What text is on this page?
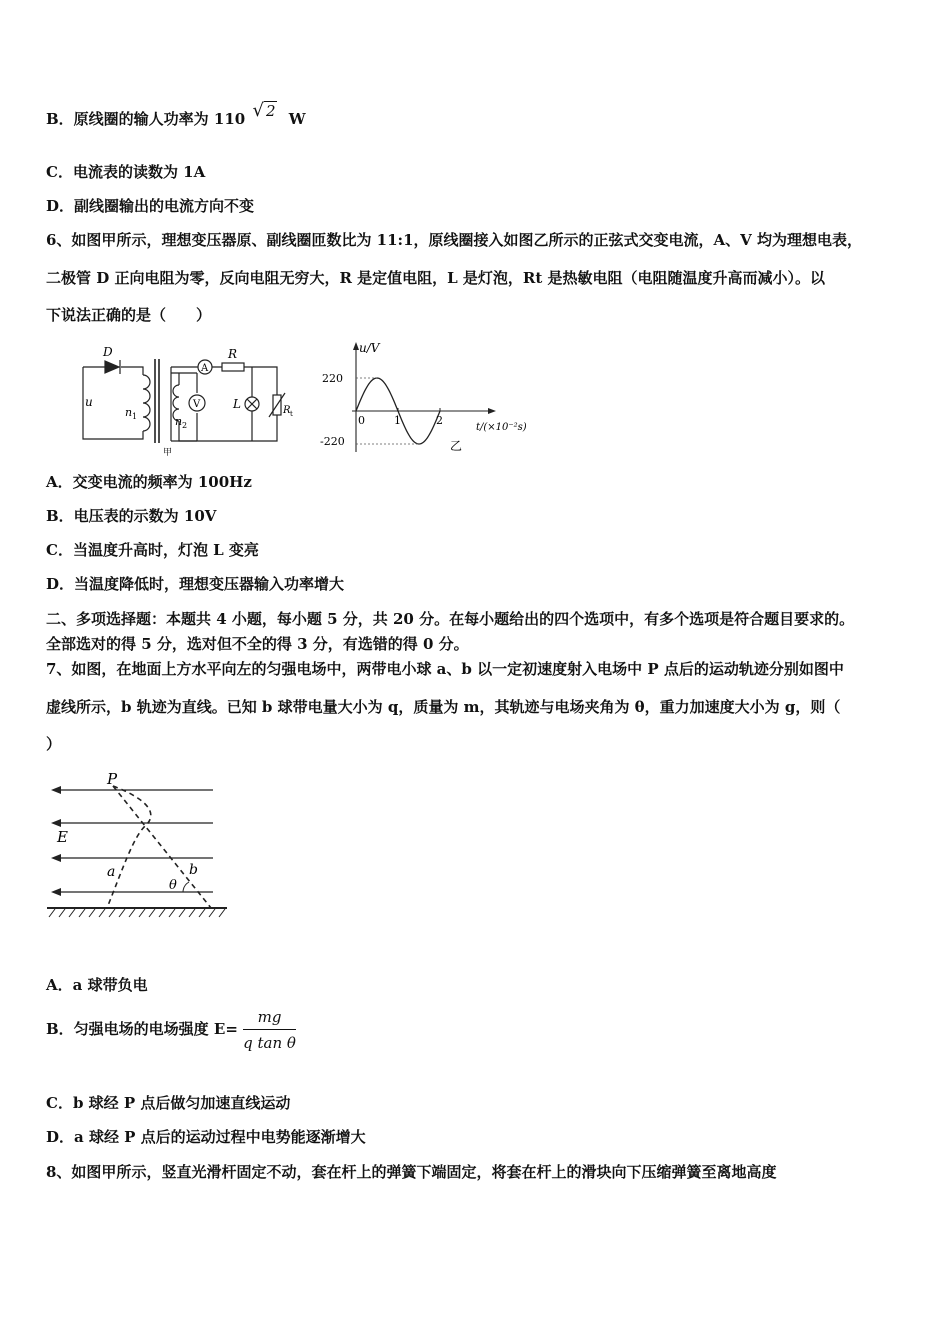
B．原线圈的输人功率为 110 √ 2 W
C．电流表的读数为 1A
D．副线圈输出的电流方向不变
6、如图甲所示，理想变压器原、副线圈匝数比为 11:1，原线圈接入如图乙所示的正弦式交变电流，A、V 均为理想电表，
二极管 D 正向电阻为零，反向电阻无穷大，R 是定值电阻，L 是灯泡，Rt 是热敏电阻（电阻随温度升高而减小）。以
下说法正确的是（　　）
D
u
n 1	n 2
A
V
R
L	R t
甲
u/V
220
-220
0	1	2
t/(×10⁻²s)
乙
A．交变电流的频率为 100Hz
B．电压表的示数为 10V
C．当温度升高时，灯泡 L 变亮
D．当温度降低时，理想变压器输入功率增大
二、多项选择题：本题共 4 小题，每小题 5 分，共 20 分。在每小题给出的四个选项中，有多个选项是符合题目要求的。
全部选对的得 5 分，选对但不全的得 3 分，有选错的得 0 分。
7、如图，在地面上方水平向左的匀强电场中，两带电小球 a、b 以一定初速度射入电场中 P 点后的运动轨迹分别如图中
虚线所示，b 轨迹为直线。已知 b 球带电量大小为 q，质量为 m，其轨迹与电场夹角为 θ，重力加速度大小为 g，则（
）
P
E
a	b
θ
A．a 球带负电
B．匀强电场的电场强度 $E= \frac{mg}{\text{q tan θ}}$
C．b 球经 P 点后做匀加速直线运动
D．a 球经 P 点后的运动过程中电势能逐渐增大
8、如图甲所示，竖直光滑杆固定不动，套在杆上的弹簧下端固定，将套在杆上的滑块向下压缩弹簧至离地高度
